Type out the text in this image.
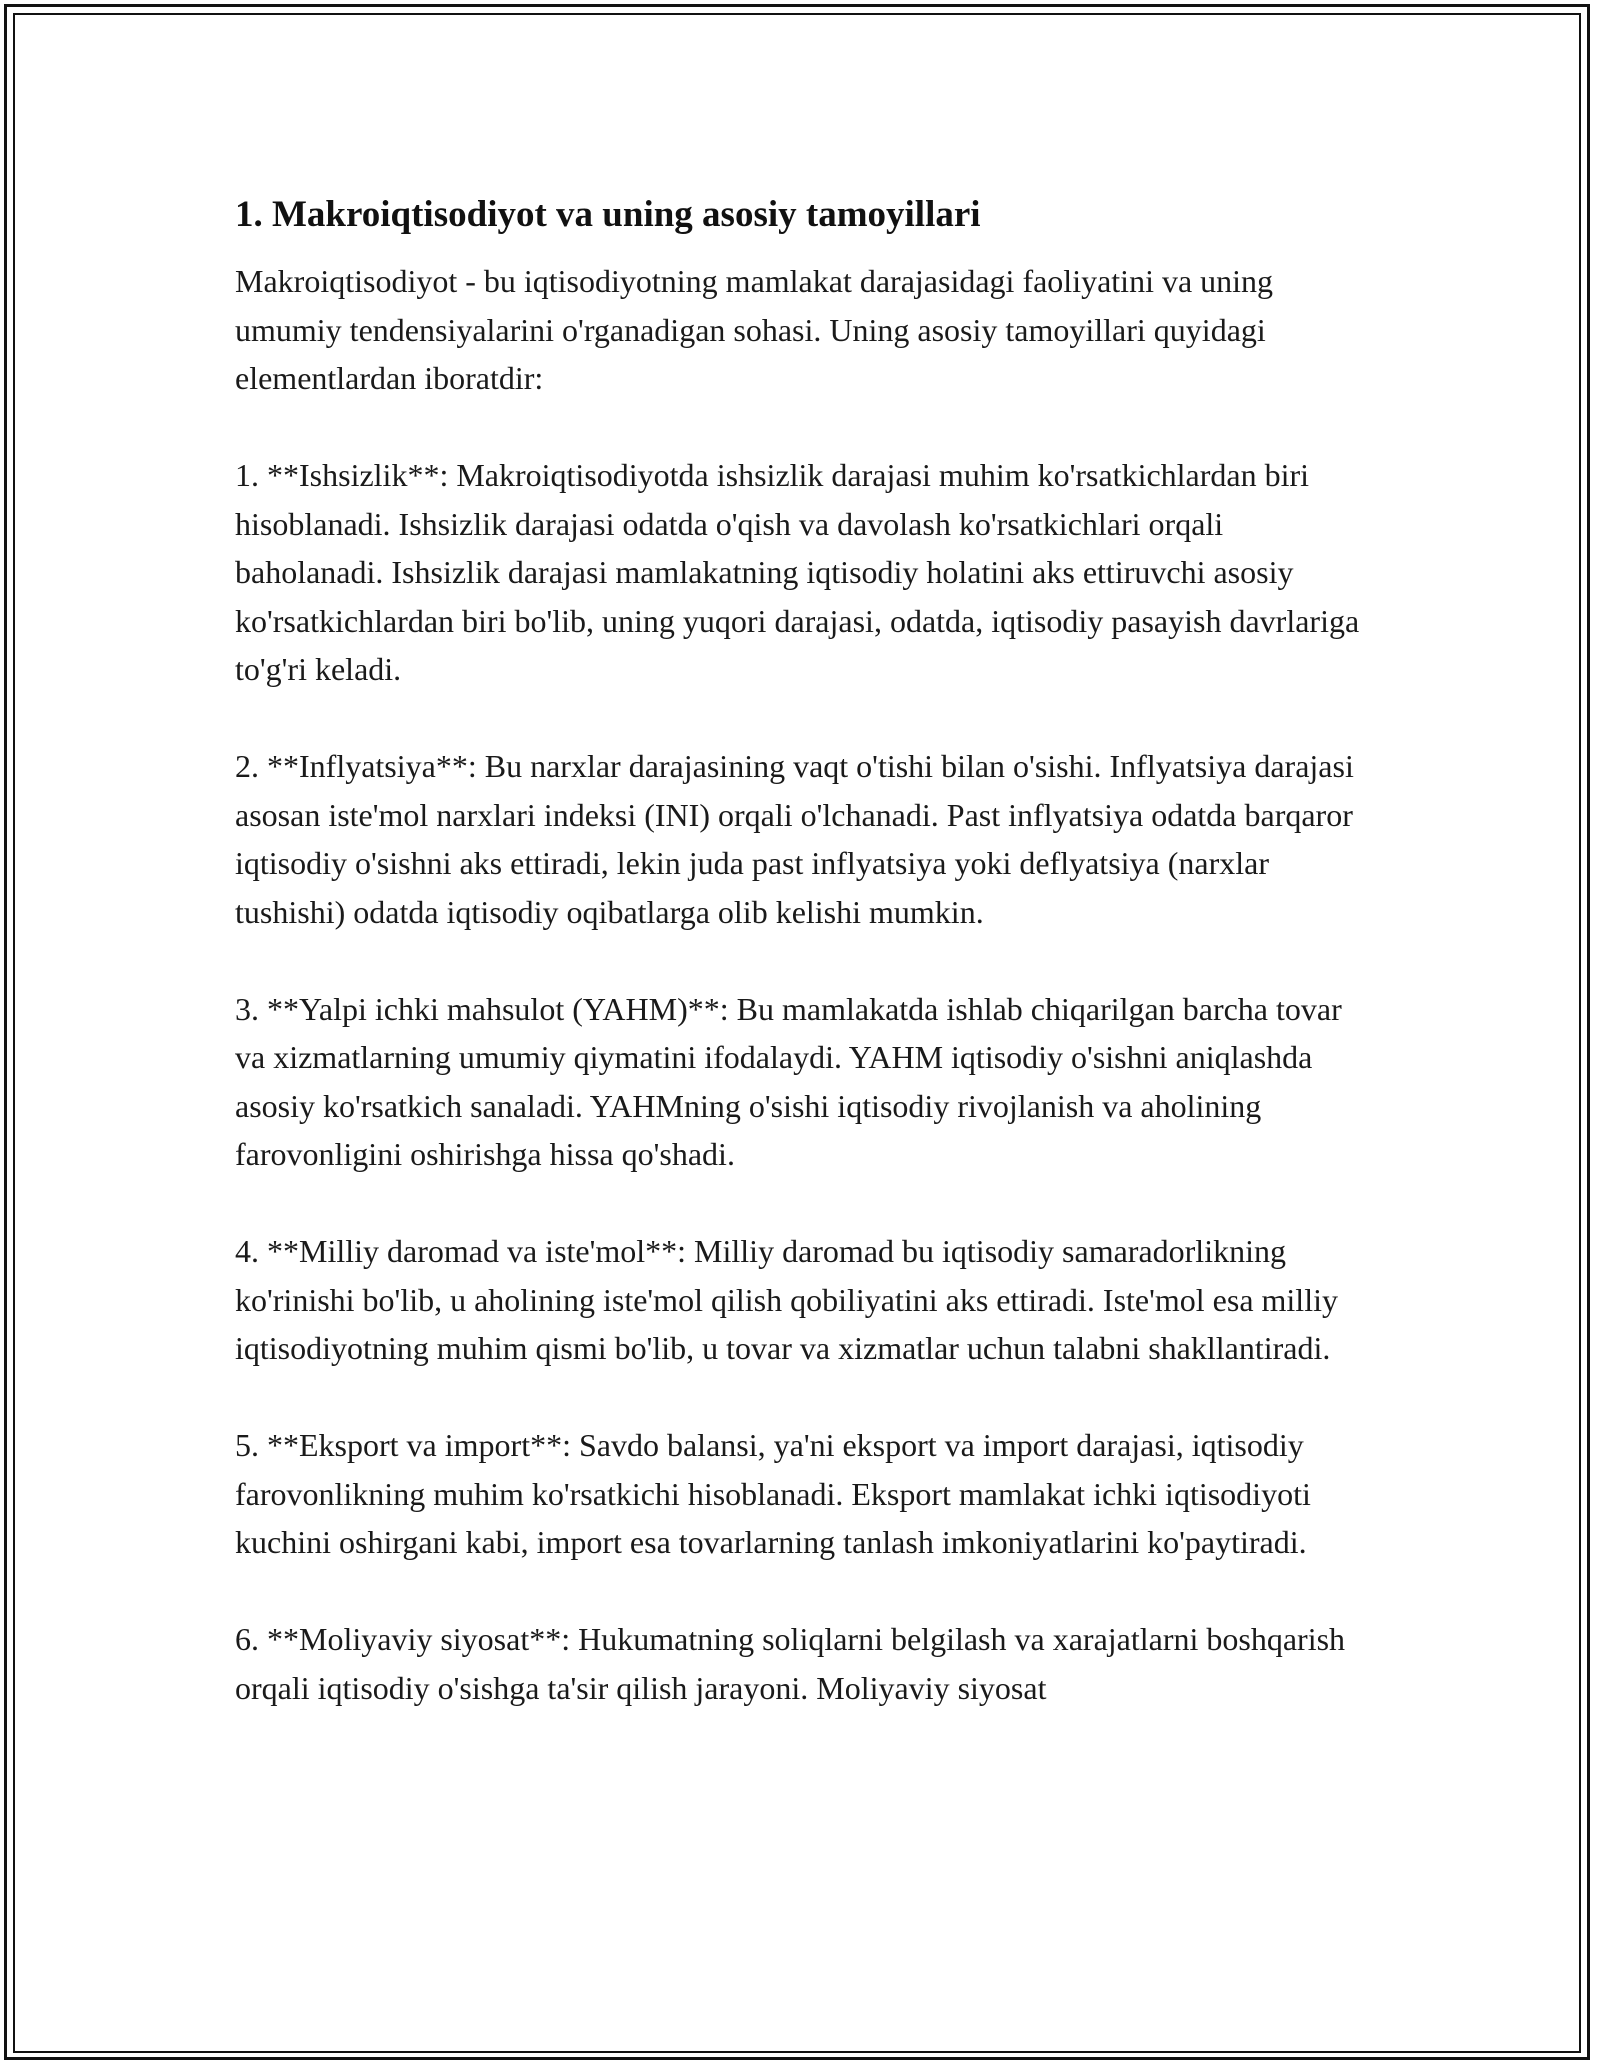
1. Makroiqtisodiyot va uning asosiy tamoyillari

Makroiqtisodiyot - bu iqtisodiyotning mamlakat darajasidagi faoliyatini va uning umumiy tendensiyalarini o'rganadigan sohasi. Uning asosiy tamoyillari quyidagi elementlardan iboratdir:

1. **Ishsizlik**: Makroiqtisodiyotda ishsizlik darajasi muhim ko'rsatkichlardan biri hisoblanadi. Ishsizlik darajasi odatda o'qish va davolash ko'rsatkichlari orqali baholanadi. Ishsizlik darajasi mamlakatning iqtisodiy holatini aks ettiruvchi asosiy ko'rsatkichlardan biri bo'lib, uning yuqori darajasi, odatda, iqtisodiy pasayish davrlariga to'g'ri keladi.

2. **Inflyatsiya**: Bu narxlar darajasining vaqt o'tishi bilan o'sishi. Inflyatsiya darajasi asosan iste'mol narxlari indeksi (INI) orqali o'lchanadi. Past inflyatsiya odatda barqaror iqtisodiy o'sishni aks ettiradi, lekin juda past inflyatsiya yoki deflyatsiya (narxlar tushishi) odatda iqtisodiy oqibatlarga olib kelishi mumkin.

3. **Yalpi ichki mahsulot (YAHM)**: Bu mamlakatda ishlab chiqarilgan barcha tovar va xizmatlarning umumiy qiymatini ifodalaydi. YAHM iqtisodiy o'sishni aniqlashda asosiy ko'rsatkich sanaladi. YAHMning o'sishi iqtisodiy rivojlanish va aholining farovonligini oshirishga hissa qo'shadi.

4. **Milliy daromad va iste'mol**: Milliy daromad bu iqtisodiy samaradorlikning ko'rinishi bo'lib, u aholining iste'mol qilish qobiliyatini aks ettiradi. Iste'mol esa milliy iqtisodiyotning muhim qismi bo'lib, u tovar va xizmatlar uchun talabni shakllantiradi.

5. **Eksport va import**: Savdo balansi, ya'ni eksport va import darajasi, iqtisodiy farovonlikning muhim ko'rsatkichi hisoblanadi. Eksport mamlakat ichki iqtisodiyoti kuchini oshirgani kabi, import esa tovarlarning tanlash imkoniyatlarini ko'paytiradi.

6. **Moliyaviy siyosat**: Hukumatning soliqlarni belgilash va xarajatlarni boshqarish orqali iqtisodiy o'sishga ta'sir qilish jarayoni. Moliyaviy siyosat
